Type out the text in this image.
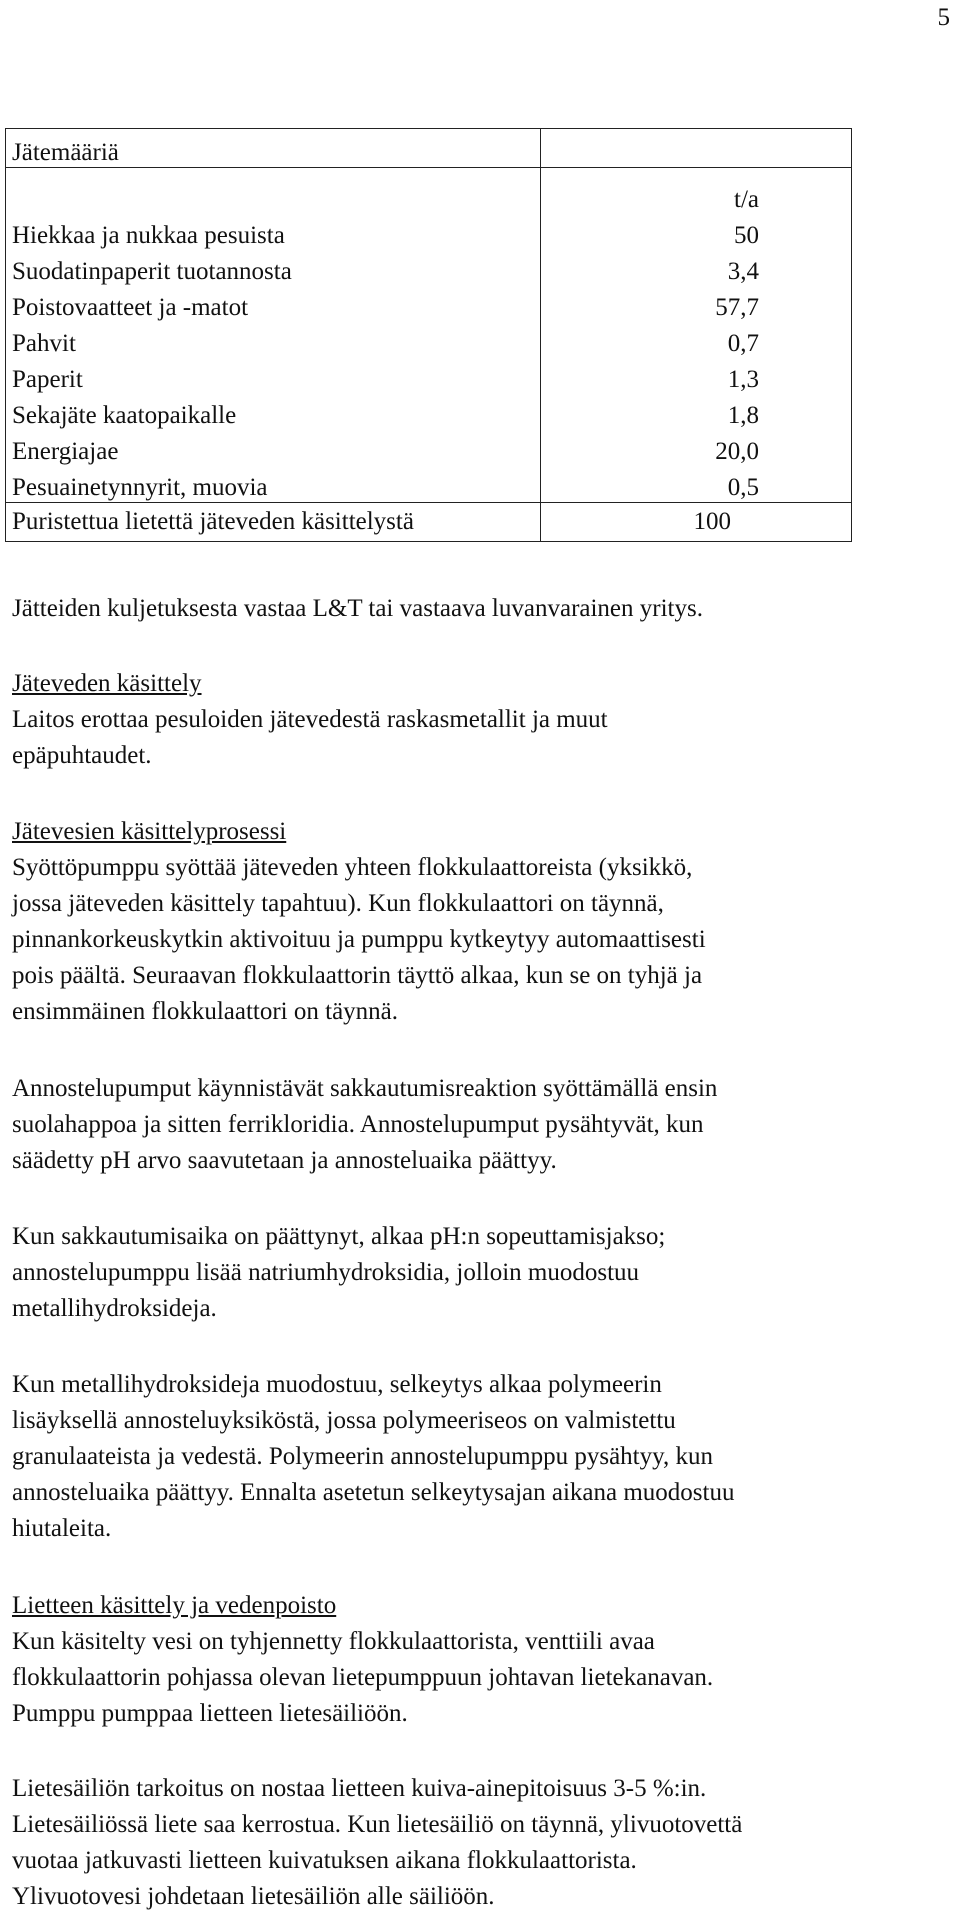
5
Jätemääriä	
	t/a
Hiekkaa ja nukkaa pesuista	50
Suodatinpaperit tuotannosta	3,4
Poistovaatteet ja -matot	57,7
Pahvit	0,7
Paperit	1,3
Sekajäte kaatopaikalle	1,8
Energiajae	20,0
Pesuainetynnyrit, muovia	0,5
Puristettua lietettä jäteveden käsittelystä	100
Jätteiden kuljetuksesta vastaa L&T tai vastaava luvanvarainen yritys.
Jäteveden käsittely
Laitos erottaa pesuloiden jätevedestä raskasmetallit ja muut
epäpuhtaudet.
Jätevesien käsittelyprosessi
Syöttöpumppu syöttää jäteveden yhteen flokkulaattoreista (yksikkö,
jossa jäteveden käsittely tapahtuu). Kun flokkulaattori on täynnä,
pinnankorkeuskytkin aktivoituu ja pumppu kytkeytyy automaattisesti
pois päältä. Seuraavan flokkulaattorin täyttö alkaa, kun se on tyhjä ja
ensimmäinen flokkulaattori on täynnä.
Annostelupumput käynnistävät sakkautumisreaktion syöttämällä ensin
suolahappoa ja sitten ferrikloridia. Annostelupumput pysähtyvät, kun
säädetty pH arvo saavutetaan ja annosteluaika päättyy.
Kun sakkautumisaika on päättynyt, alkaa pH:n sopeuttamisjakso;
annostelupumppu lisää natriumhydroksidia, jolloin muodostuu
metallihydroksideja.
Kun metallihydroksideja muodostuu, selkeytys alkaa polymeerin
lisäyksellä annosteluyksiköstä, jossa polymeeriseos on valmistettu
granulaateista ja vedestä. Polymeerin annostelupumppu pysähtyy, kun
annosteluaika päättyy. Ennalta asetetun selkeytysajan aikana muodostuu
hiutaleita.
Lietteen käsittely ja vedenpoisto
Kun käsitelty vesi on tyhjennetty flokkulaattorista, venttiili avaa
flokkulaattorin pohjassa olevan lietepumppuun johtavan lietekanavan.
Pumppu pumppaa lietteen lietesäiliöön.
Lietesäiliön tarkoitus on nostaa lietteen kuiva-ainepitoisuus 3-5 %:in.
Lietesäiliössä liete saa kerrostua. Kun lietesäiliö on täynnä, ylivuotovettä
vuotaa jatkuvasti lietteen kuivatuksen aikana flokkulaattorista.
Ylivuotovesi johdetaan lietesäiliön alle säiliöön.
